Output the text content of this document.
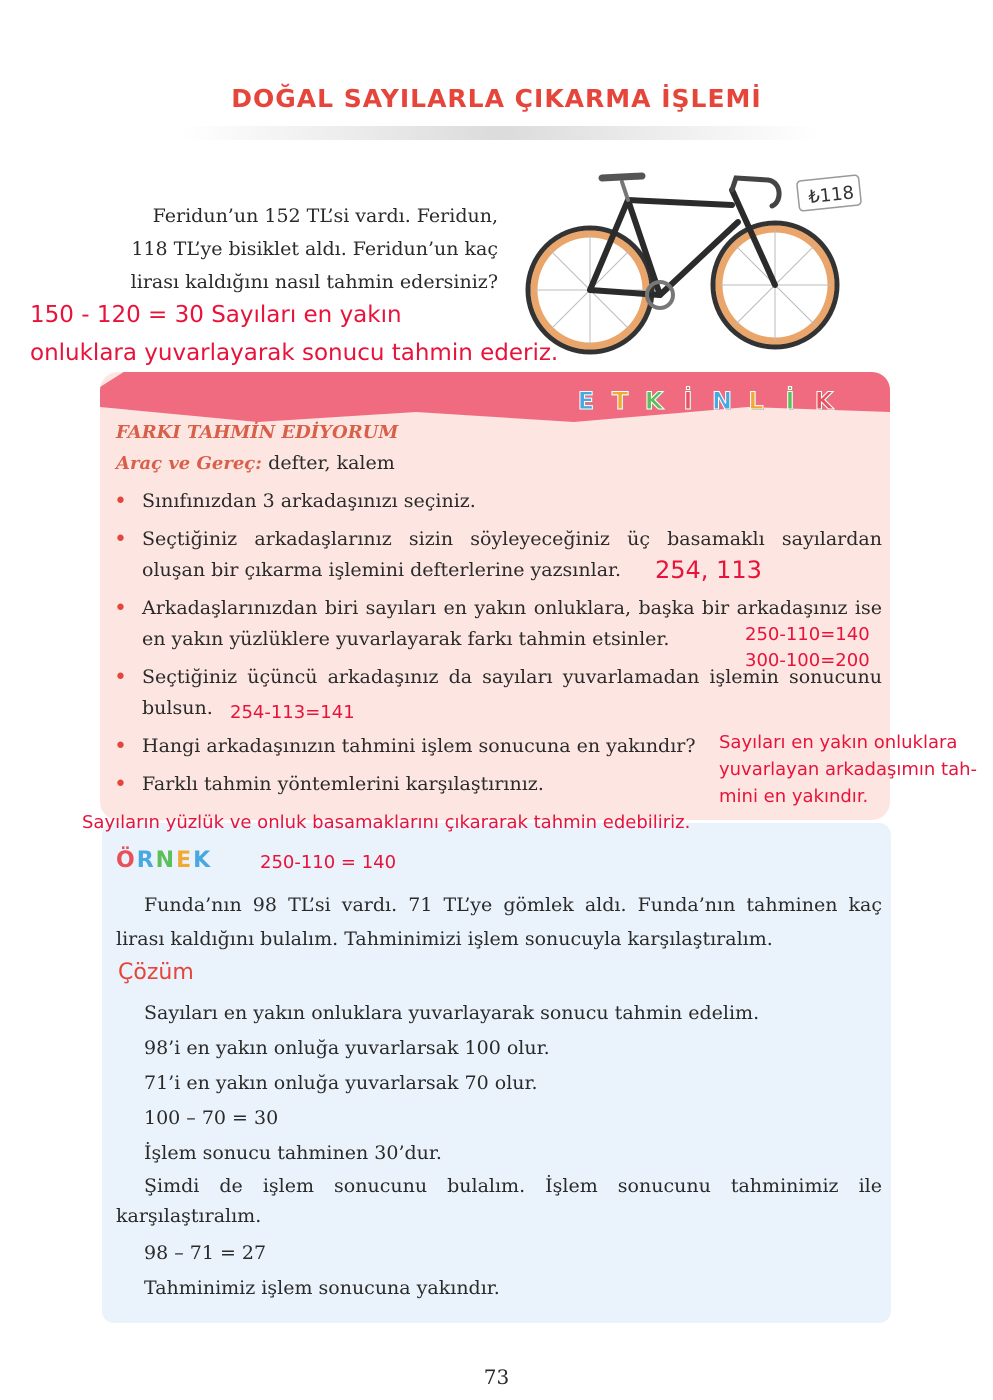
DOĞAL SAYILARLA ÇIKARMA İŞLEMİ
Feridun’un 152 TL’si vardı. Feridun,
118 TL’ye bisiklet aldı. Feridun’un kaç
lirası kaldığını nasıl tahmin edersiniz?
₺118
150 - 120 = 30 Sayıları en yakın
onluklara yuvarlayarak sonucu tahmin ederiz.
E T K İ N L İ K
FARKI TAHMİN EDİYORUM
Araç ve Gereç: defter, kalem
• Sınıfınızdan 3 arkadaşınızı seçiniz.
• Seçtiğiniz arkadaşlarınız sizin söyleyeceğiniz üç basamaklı sayılardan oluşan bir çıkarma işlemini defterlerine yazsınlar.
• Arkadaşlarınızdan biri sayıları en yakın onluklara, başka bir arkadaşınız ise en yakın yüzlüklere yuvarlayarak farkı tahmin etsinler.
• Seçtiğiniz üçüncü arkadaşınız da sayıları yuvarlamadan işlemin sonucunu bulsun.
• Hangi arkadaşınızın tahmini işlem sonucuna en yakındır?
• Farklı tahmin yöntemlerini karşılaştırınız.
254, 113
250-110=140
300-100=200
254-113=141
Sayıları en yakın onluklara
yuvarlayan arkadaşımın tah-
mini en yakındır.
Sayıların yüzlük ve onluk basamaklarını çıkararak tahmin edebiliriz.
Ö R N E K	250-110 = 140
Funda’nın 98 TL’si vardı. 71 TL’ye gömlek aldı. Funda’nın tahminen kaç lirası kaldığını bulalım. Tahminimizi işlem sonucuyla karşılaştıralım.
Çözüm
Sayıları en yakın onluklara yuvarlayarak sonucu tahmin edelim.
98’i en yakın onluğa yuvarlarsak 100 olur.
71’i en yakın onluğa yuvarlarsak 70 olur.
100 – 70 = 30
İşlem sonucu tahminen 30’dur.
Şimdi de işlem sonucunu bulalım. İşlem sonucunu tahminimiz ile karşılaştıralım.
98 – 71 = 27
Tahminimiz işlem sonucuna yakındır.
73
